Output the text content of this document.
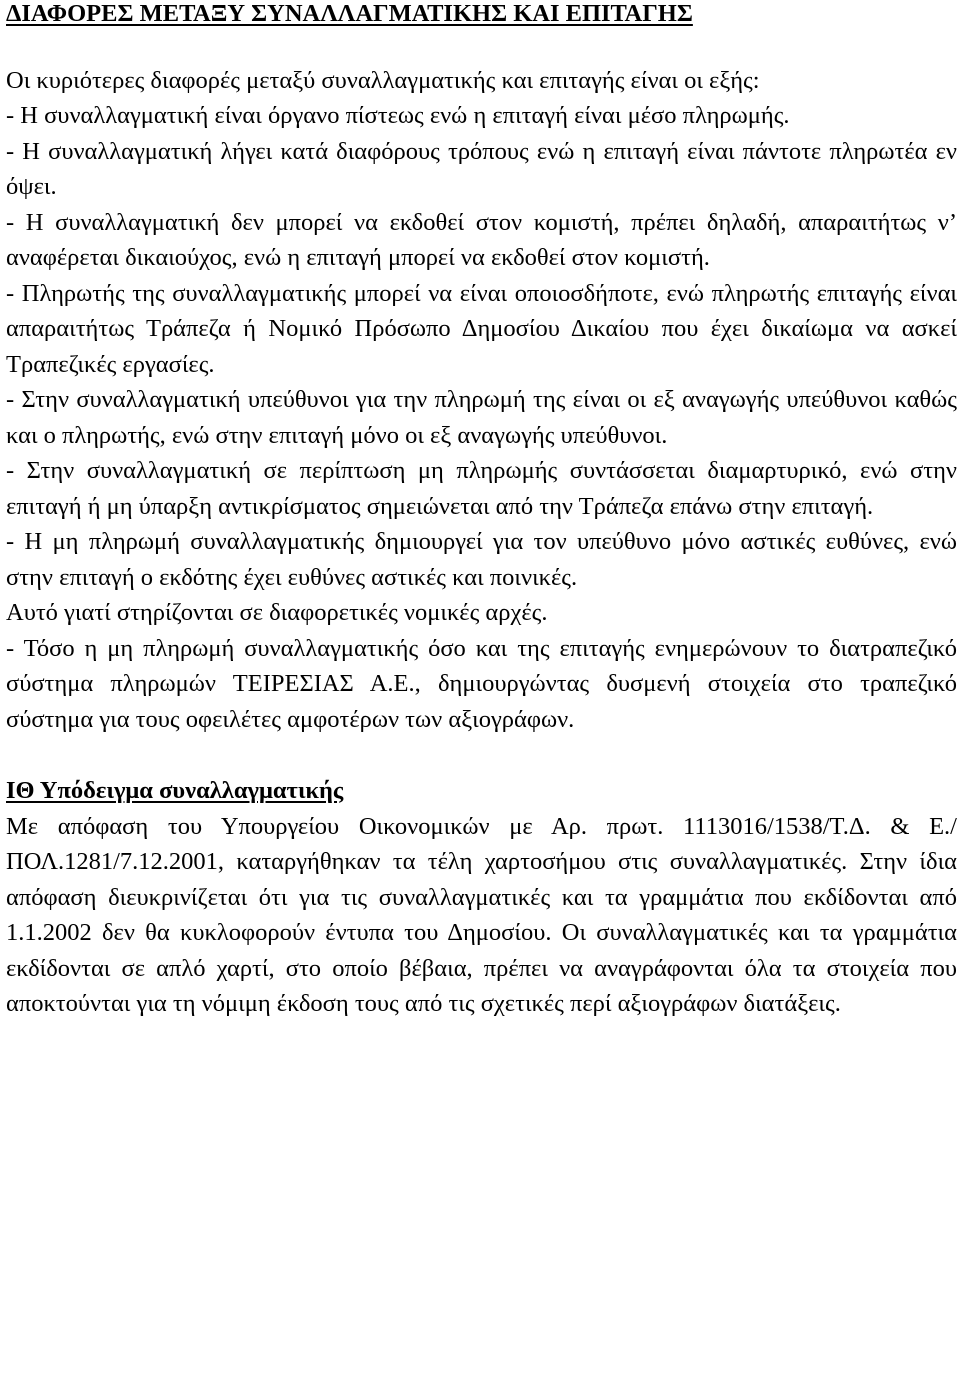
ΔΙΑΦΟΡΕΣ ΜΕΤΑΞΥ ΣΥΝΑΛΛΑΓΜΑΤΙΚΗΣ ΚΑΙ ΕΠΙΤΑΓΗΣ

Οι κυριότερες διαφορές μεταξύ συναλλαγματικής και επιταγής είναι οι εξής:

- Η συναλλαγματική είναι όργανο πίστεως ενώ η επιταγή είναι μέσο πληρωμής.

- Η συναλλαγματική λήγει κατά διαφόρους τρόπους ενώ η επιταγή είναι πάντοτε πληρωτέα εν όψει.

- Η συναλλαγματική δεν μπορεί να εκδοθεί στον κομιστή, πρέπει δηλαδή, απαραιτήτως ν’ αναφέρεται δικαιούχος, ενώ η επιταγή μπορεί να εκδοθεί στον κομιστή.

- Πληρωτής της συναλλαγματικής μπορεί να είναι οποιοσδήποτε, ενώ πληρωτής επιταγής είναι απαραιτήτως Τράπεζα ή Νομικό Πρόσωπο Δημοσίου Δικαίου που έχει δικαίωμα να ασκεί Τραπεζικές εργασίες.

- Στην συναλλαγματική υπεύθυνοι για την πληρωμή της είναι οι εξ αναγωγής υπεύθυνοι καθώς και ο πληρωτής, ενώ στην επιταγή μόνο οι εξ αναγωγής υπεύθυνοι.

- Στην συναλλαγματική σε περίπτωση μη πληρωμής συντάσσεται διαμαρτυρικό, ενώ στην επιταγή ή μη ύπαρξη αντικρίσματος σημειώνεται από την Τράπεζα επάνω στην επιταγή.

- Η μη πληρωμή συναλλαγματικής δημιουργεί για τον υπεύθυνο μόνο αστικές ευθύνες, ενώ στην επιταγή ο εκδότης έχει ευθύνες αστικές και ποινικές.

Αυτό γιατί στηρίζονται σε διαφορετικές νομικές αρχές.

- Τόσο η μη πληρωμή συναλλαγματικής όσο και της επιταγής ενημερώνουν το διατραπεζικό σύστημα πληρωμών ΤΕΙΡΕΣΙΑΣ Α.Ε., δημιουργώντας δυσμενή στοιχεία στο τραπεζικό σύστημα για τους οφειλέτες αμφοτέρων των αξιογράφων.

ΙΘ Υπόδειγμα συναλλαγματικής

Με απόφαση του Υπουργείου Οικονομικών με Αρ. πρωτ. 1113016/1538/Τ.Δ. & Ε./ΠΟΛ.1281/7.12.2001, καταργήθηκαν τα τέλη χαρτοσήμου στις συναλλαγματικές. Στην ίδια απόφαση διευκρινίζεται ότι για τις συναλλαγματικές και τα γραμμάτια που εκδίδονται από 1.1.2002 δεν θα κυκλοφορούν έντυπα του Δημοσίου. Οι συναλλαγματικές και τα γραμμάτια εκδίδονται σε απλό χαρτί, στο οποίο βέβαια, πρέπει να αναγράφονται όλα τα στοιχεία που αποκτούνται για τη νόμιμη έκδοση τους από τις σχετικές περί αξιογράφων διατάξεις.
